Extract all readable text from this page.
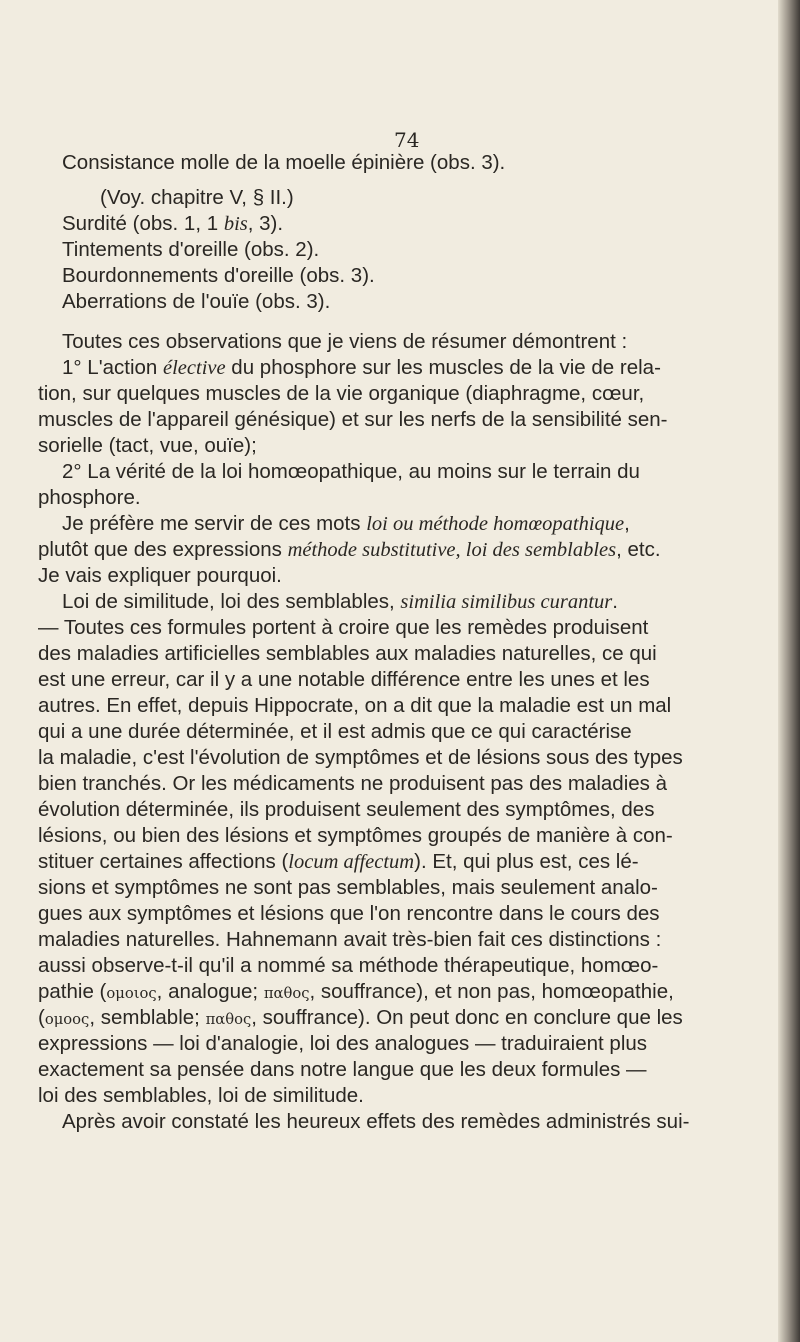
74

Consistance molle de la moelle épinière (obs. 3).

(Voy. chapitre V, § II.)

Surdité (obs. 1, 1 bis, 3).

Tintements d'oreille (obs. 2).

Bourdonnements d'oreille (obs. 3).

Aberrations de l'ouïe (obs. 3).

Toutes ces observations que je viens de résumer démontrent :

1° L'action élective du phosphore sur les muscles de la vie de rela-

tion, sur quelques muscles de la vie organique (diaphragme, cœur,

muscles de l'appareil génésique) et sur les nerfs de la sensibilité sen-

sorielle (tact, vue, ouïe);

2° La vérité de la loi homœopathique, au moins sur le terrain du

phosphore.

Je préfère me servir de ces mots loi ou méthode homœopathique,

plutôt que des expressions méthode substitutive, loi des semblables, etc.

Je vais expliquer pourquoi.

Loi de similitude, loi des semblables, similia similibus curantur.

— Toutes ces formules portent à croire que les remèdes produisent

des maladies artificielles semblables aux maladies naturelles, ce qui

est une erreur, car il y a une notable différence entre les unes et les

autres. En effet, depuis Hippocrate, on a dit que la maladie est un mal

qui a une durée déterminée, et il est admis que ce qui caractérise

la maladie, c'est l'évolution de symptômes et de lésions sous des types

bien tranchés. Or les médicaments ne produisent pas des maladies à

évolution déterminée, ils produisent seulement des symptômes, des

lésions, ou bien des lésions et symptômes groupés de manière à con-

stituer certaines affections (locum affectum). Et, qui plus est, ces lé-

sions et symptômes ne sont pas semblables, mais seulement analo-

gues aux symptômes et lésions que l'on rencontre dans le cours des

maladies naturelles. Hahnemann avait très-bien fait ces distinctions :

aussi observe-t-il qu'il a nommé sa méthode thérapeutique, homœo-

pathie (ομοιος, analogue; παθος, souffrance), et non pas, homœopathie,

(ομοος, semblable; παθος, souffrance). On peut donc en conclure que les

expressions — loi d'analogie, loi des analogues — traduiraient plus

exactement sa pensée dans notre langue que les deux formules —

loi des semblables, loi de similitude.

Après avoir constaté les heureux effets des remèdes administrés sui-
